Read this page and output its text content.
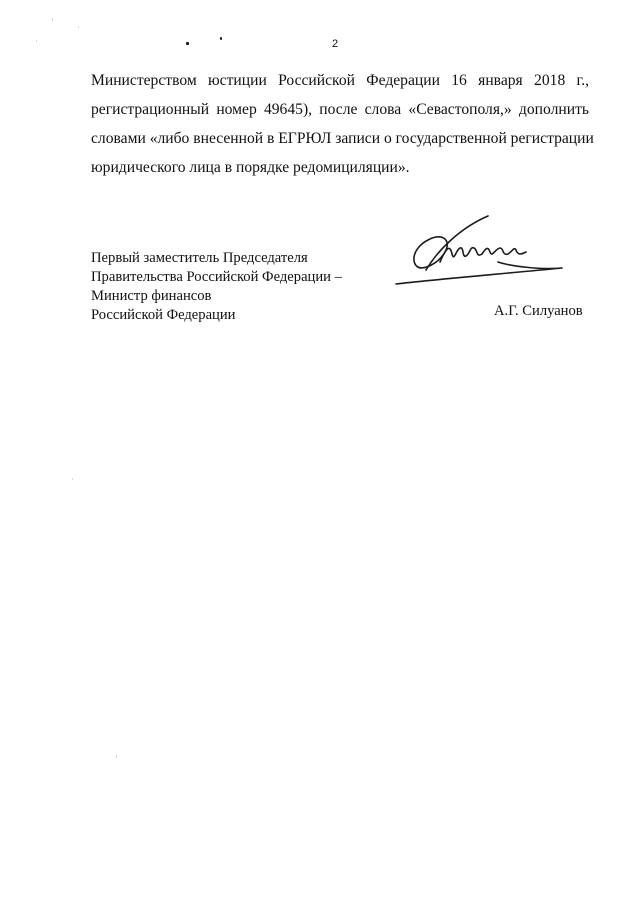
2
Министерством юстиции Российской Федерации 16 января 2018 г.,
регистрационный номер 49645), после слова «Севастополя,» дополнить
словами «либо внесенной в ЕГРЮЛ записи о государственной регистрации
юридического лица в порядке редомициляции».
Первый заместитель Председателя
Правительства Российской Федерации –
Министр финансов
Российской Федерации	А.Г. Силуанов
